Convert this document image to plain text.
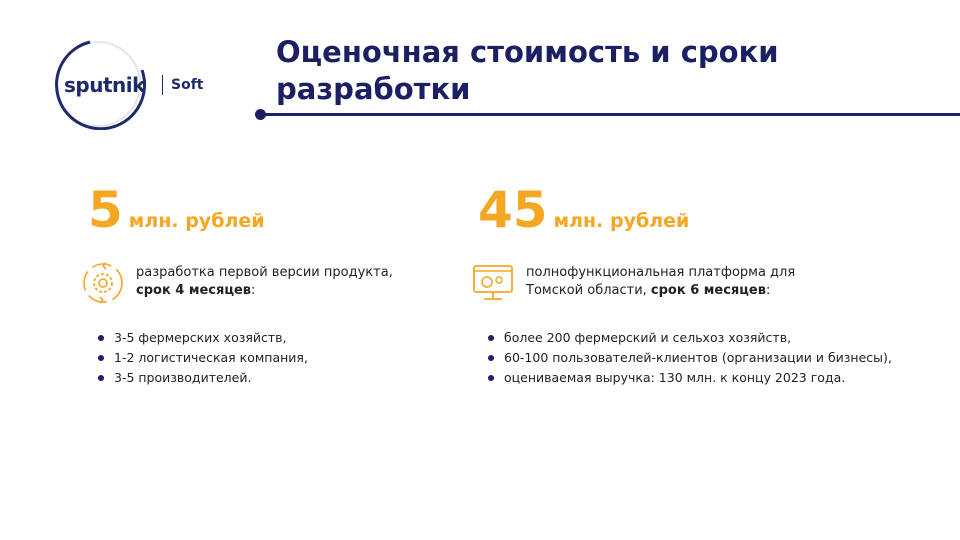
sputnik Soft
Оценочная стоимость и сроки разработки
5 млн. рублей
разработка первой версии продукта,
срок 4 месяцев:
3-5 фермерских хозяйств,
1-2 логистическая компания,
3-5 производителей.
45 млн. рублей
полнофункциональная платформа для
Томской области, срок 6 месяцев:
более 200 фермерский и сельхоз хозяйств,
60-100 пользователей-клиентов (организации и бизнесы),
оцениваемая выручка: 130 млн. к концу 2023 года.
